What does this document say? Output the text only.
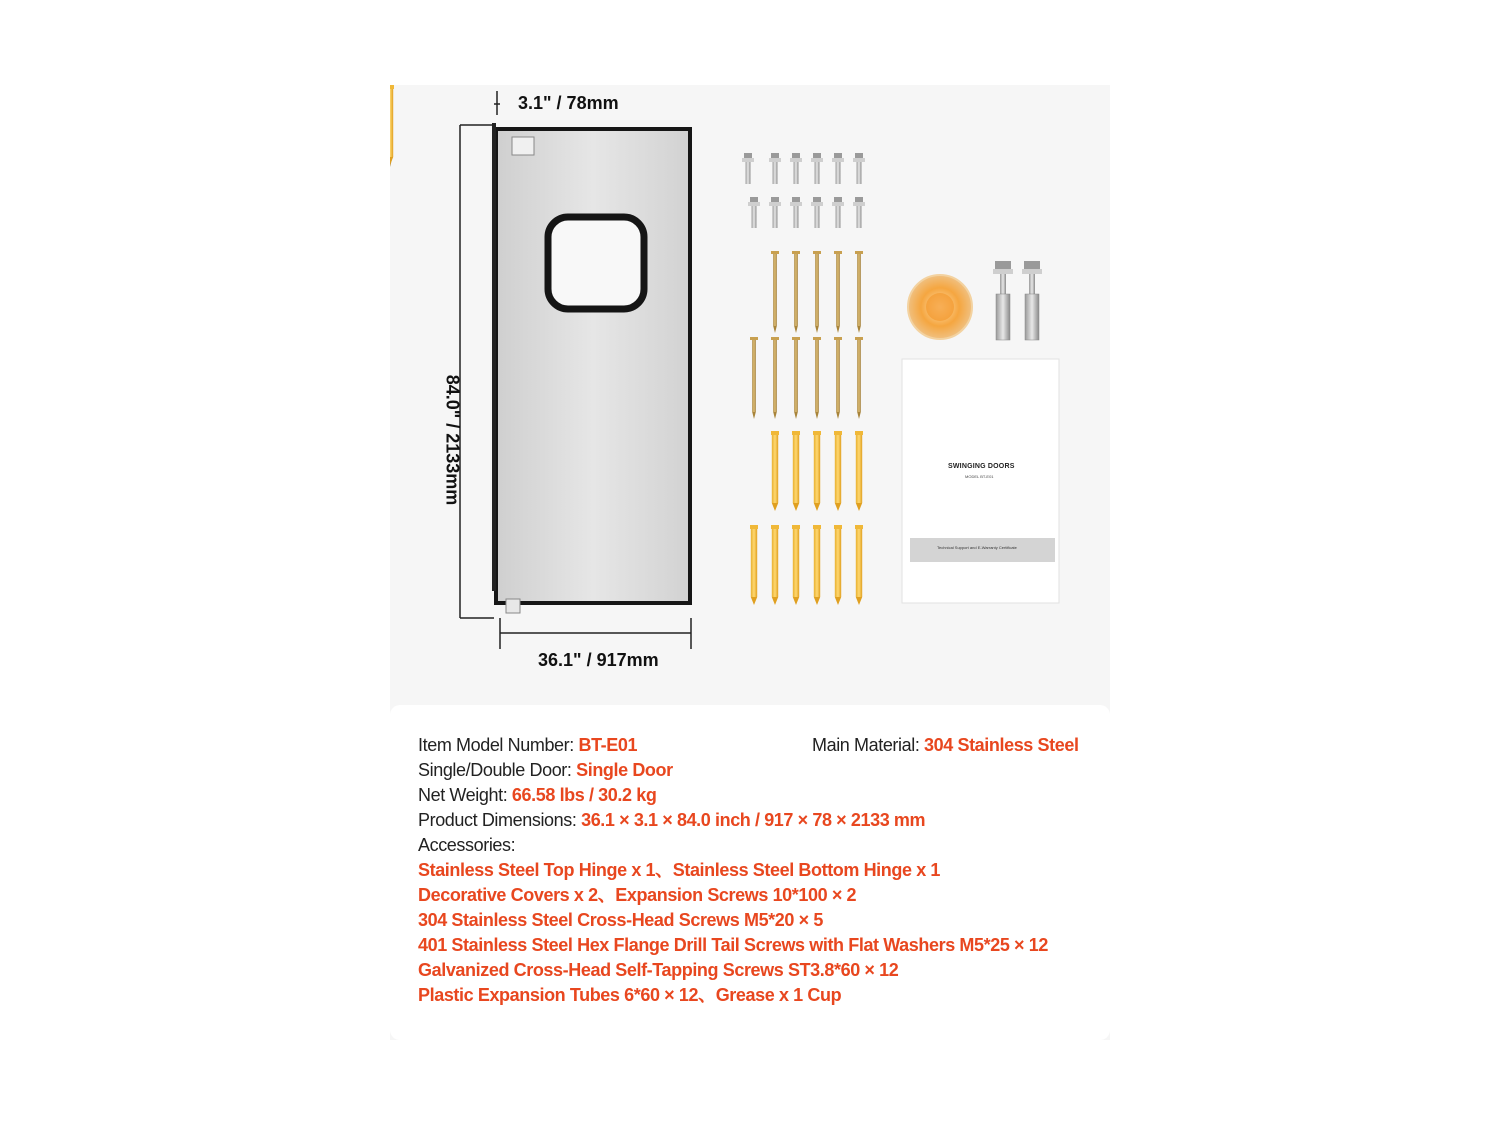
3.1" / 78mm
84.0" / 2133mm
36.1" / 917mm
SWINGING DOORS
MODEL BT-E01
Technical Support and E-Warranty Certificate
Item Model Number: BT-E01	Main Material: 304 Stainless Steel
Single/Double Door: Single Door
Net Weight: 66.58 lbs / 30.2 kg
Product Dimensions: 36.1 × 3.1 × 84.0 inch / 917 × 78 × 2133 mm
Accessories:
Stainless Steel Top Hinge x 1、Stainless Steel Bottom Hinge x 1
Decorative Covers x 2、Expansion Screws 10*100 × 2
304 Stainless Steel Cross-Head Screws M5*20 × 5
401 Stainless Steel Hex Flange Drill Tail Screws with Flat Washers M5*25 × 12
Galvanized Cross-Head Self-Tapping Screws ST3.8*60 × 12
Plastic Expansion Tubes 6*60 × 12、Grease x 1 Cup
